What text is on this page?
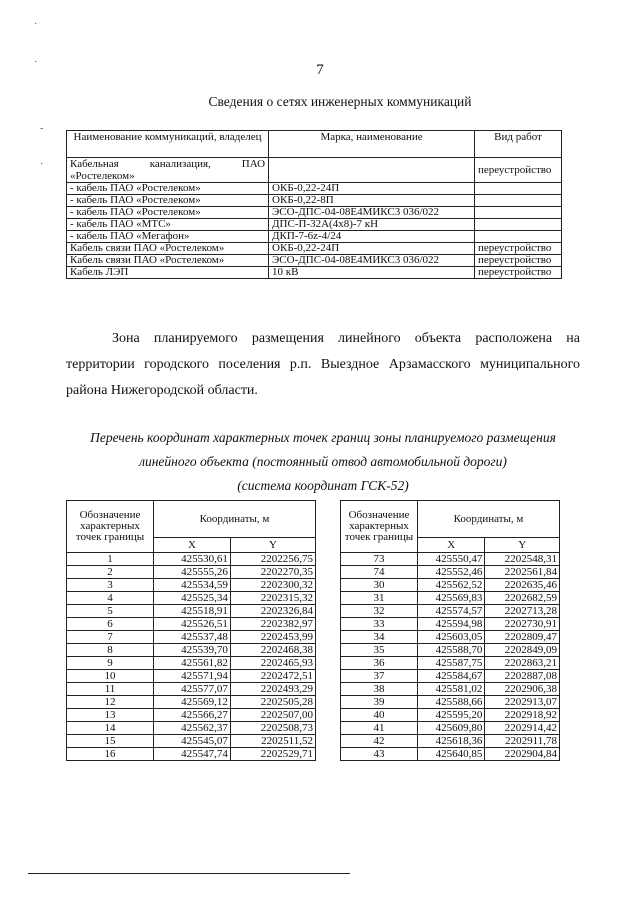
7
Сведения о сетях инженерных коммуникаций
·
·
-
·
Наименование коммуникаций, владелец	Марка, наименование	Вид работ
Кабельная канализация, ПАО «Ростелеком»		переустройство
- кабель ПАО «Ростелеком»	ОКБ-0,22-24П	
- кабель ПАО «Ростелеком»	ОКБ-0,22-8П	
- кабель ПАО «Ростелеком»	ЭСО-ДПС-04-08Е4МИКС3 036/022	
- кабель ПАО «МТС»	ДПС-П-32А(4х8)-7 кН	
- кабель ПАО «Мегафон»	ДКП-7-6z-4/24	
Кабель связи ПАО «Ростелеком»	ОКБ-0,22-24П	переустройство
Кабель связи ПАО «Ростелеком»	ЭСО-ДПС-04-08Е4МИКС3 036/022	переустройство
Кабель ЛЭП	10 кВ	переустройство
Зона планируемого размещения линейного объекта расположена на территории городского поселения р.п. Выездное Арзамасского муниципального района Нижегородской области.
Перечень координат характерных точек границ зоны планируемого размещения
линейного объекта (постоянный отвод автомобильной дороги)
(система координат ГСК-52)
Обозначение характерных точек границы	Координаты, м	
	X	Y
1	425530,61	2202256,75
2	425555,26	2202270,35
3	425534,59	2202300,32
4	425525,34	2202315,32
5	425518,91	2202326,84
6	425526,51	2202382,97
7	425537,48	2202453,99
8	425539,70	2202468,38
9	425561,82	2202465,93
10	425571,94	2202472,51
11	425577,07	2202493,29
12	425569,12	2202505,28
13	425566,27	2202507,00
14	425562,37	2202508,73
15	425545,07	2202511,52
16	425547,74	2202529,71
Обозначение характерных точек границы	Координаты, м	
	X	Y
73	425550,47	2202548,31
74	425552,46	2202561,84
30	425562,52	2202635,46
31	425569,83	2202682,59
32	425574,57	2202713,28
33	425594,98	2202730,91
34	425603,05	2202809,47
35	425588,70	2202849,09
36	425587,75	2202863,21
37	425584,67	2202887,08
38	425581,02	2202906,38
39	425588,66	2202913,07
40	425595,20	2202918,92
41	425609,80	2202914,42
42	425618,36	2202911,78
43	425640,85	2202904,84
